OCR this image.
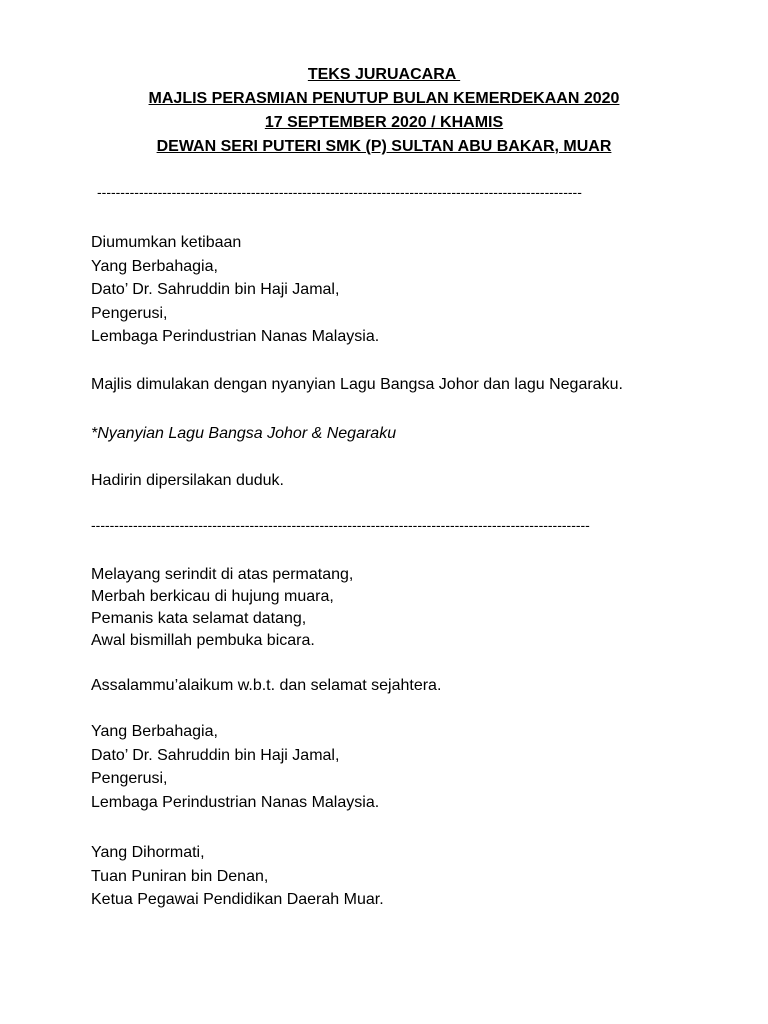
TEKS JURUACARA
MAJLIS PERASMIAN PENUTUP BULAN KEMERDEKAAN 2020
17 SEPTEMBER 2020 / KHAMIS
DEWAN SERI PUTERI SMK (P) SULTAN ABU BAKAR, MUAR
--------------------------------------------------------------------------------------------------------
Diumumkan ketibaan
Yang Berbahagia,
Dato’ Dr. Sahruddin bin Haji Jamal,
Pengerusi,
Lembaga Perindustrian Nanas Malaysia.
Majlis dimulakan dengan nyanyian Lagu Bangsa Johor dan lagu Negaraku.
*Nyanyian Lagu Bangsa Johor & Negaraku
Hadirin dipersilakan duduk.
-----------------------------------------------------------------------------------------------------------
Melayang serindit di atas permatang,
Merbah berkicau di hujung muara,
Pemanis kata selamat datang,
Awal bismillah pembuka bicara.
Assalammu’alaikum w.b.t. dan selamat sejahtera.
Yang Berbahagia,
Dato’ Dr. Sahruddin bin Haji Jamal,
Pengerusi,
Lembaga Perindustrian Nanas Malaysia.
Yang Dihormati,
Tuan Puniran bin Denan,
Ketua Pegawai Pendidikan Daerah Muar.
